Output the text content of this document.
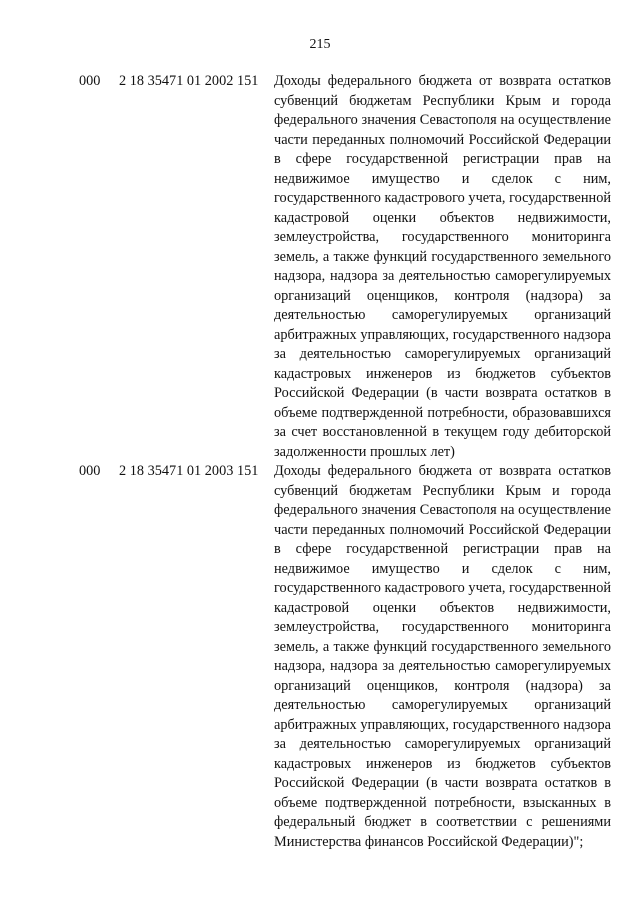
215
000 2 18 35471 01 2002 151 Доходы федерального бюджета от возврата остатков субвенций бюджетам Республики Крым и города федерального значения Севастополя на осуществление части переданных полномочий Российской Федерации в сфере государственной регистрации прав на недвижимое имущество и сделок с ним, государственного кадастрового учета, государственной кадастровой оценки объектов недвижимости, землеустройства, государственного мониторинга земель, а также функций государственного земельного надзора, надзора за деятельностью саморегулируемых организаций оценщиков, контроля (надзора) за деятельностью саморегулируемых организаций арбитражных управляющих, государственного надзора за деятельностью саморегулируемых организаций кадастровых инженеров из бюджетов субъектов Российской Федерации (в части возврата остатков в объеме подтвержденной потребности, образовавшихся за счет восстановленной в текущем году дебиторской задолженности прошлых лет)
000 2 18 35471 01 2003 151 Доходы федерального бюджета от возврата остатков субвенций бюджетам Республики Крым и города федерального значения Севастополя на осуществление части переданных полномочий Российской Федерации в сфере государственной регистрации прав на недвижимое имущество и сделок с ним, государственного кадастрового учета, государственной кадастровой оценки объектов недвижимости, землеустройства, государственного мониторинга земель, а также функций государственного земельного надзора, надзора за деятельностью саморегулируемых организаций оценщиков, контроля (надзора) за деятельностью саморегулируемых организаций арбитражных управляющих, государственного надзора за деятельностью саморегулируемых организаций кадастровых инженеров из бюджетов субъектов Российской Федерации (в части возврата остатков в объеме подтвержденной потребности, взысканных в федеральный бюджет в соответствии с решениями Министерства финансов Российской Федерации)";
